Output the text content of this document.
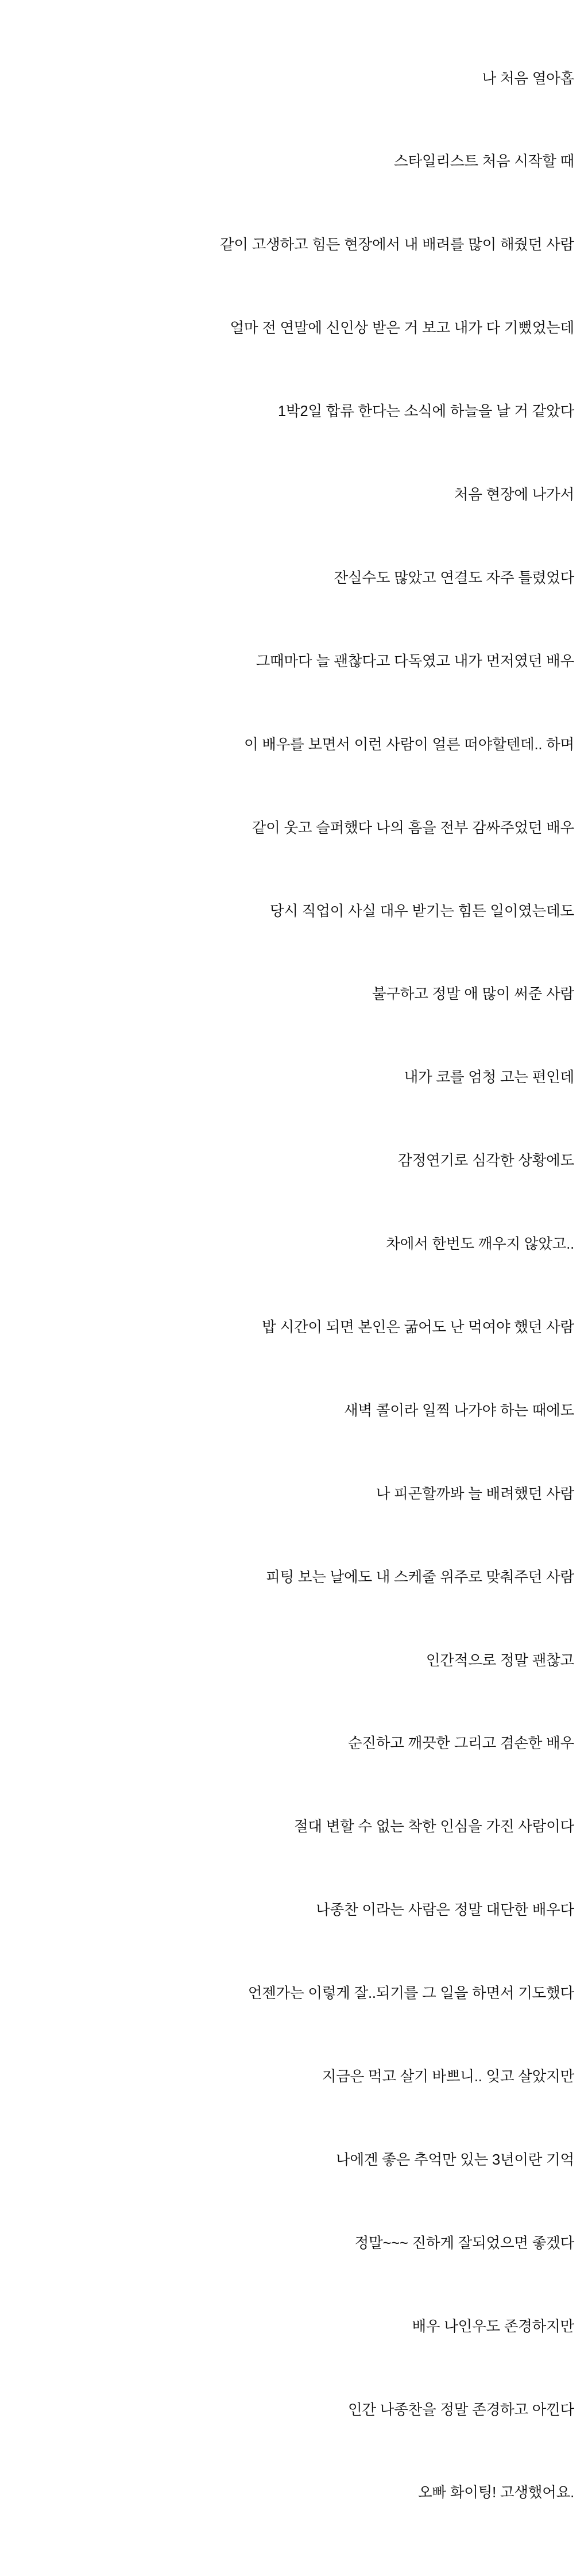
나 처음 열아홉

스타일리스트 처음 시작할 때

같이 고생하고 힘든 현장에서 내 배려를 많이 해줬던 사람

얼마 전 연말에 신인상 받은 거 보고 내가 다 기뻤었는데

1박2일 합류 한다는 소식에 하늘을 날 거 같았다

처음 현장에 나가서

잔실수도 많았고 연결도 자주 틀렸었다

그때마다 늘 괜찮다고 다독였고 내가 먼저였던 배우

이 배우를 보면서 이런 사람이 얼른 떠야할텐데.. 하며

같이 웃고 슬퍼했다 나의 흠을 전부 감싸주었던 배우

당시 직업이 사실 대우 받기는 힘든 일이였는데도

불구하고 정말 애 많이 써준 사람

내가 코를 엄청 고는 편인데

감정연기로 심각한 상황에도

차에서 한번도 깨우지 않았고..

밥 시간이 되면 본인은 굶어도 난 먹여야 했던 사람

새벽 콜이라 일찍 나가야 하는 때에도

나 피곤할까봐 늘 배려했던 사람

피팅 보는 날에도 내 스케줄 위주로 맞춰주던 사람

인간적으로 정말 괜찮고

순진하고 깨끗한 그리고 겸손한 배우

절대 변할 수 없는 착한 인심을 가진 사람이다

나종찬 이라는 사람은 정말 대단한 배우다

언젠가는 이렇게 잘..되기를 그 일을 하면서 기도했다

지금은 먹고 살기 바쁘니.. 잊고 살았지만

나에겐 좋은 추억만 있는 3년이란 기억

정말~~~ 진하게 잘되었으면 좋겠다

배우 나인우도 존경하지만

인간 나종찬을 정말 존경하고 아낀다

오빠 화이팅! 고생했어요.
